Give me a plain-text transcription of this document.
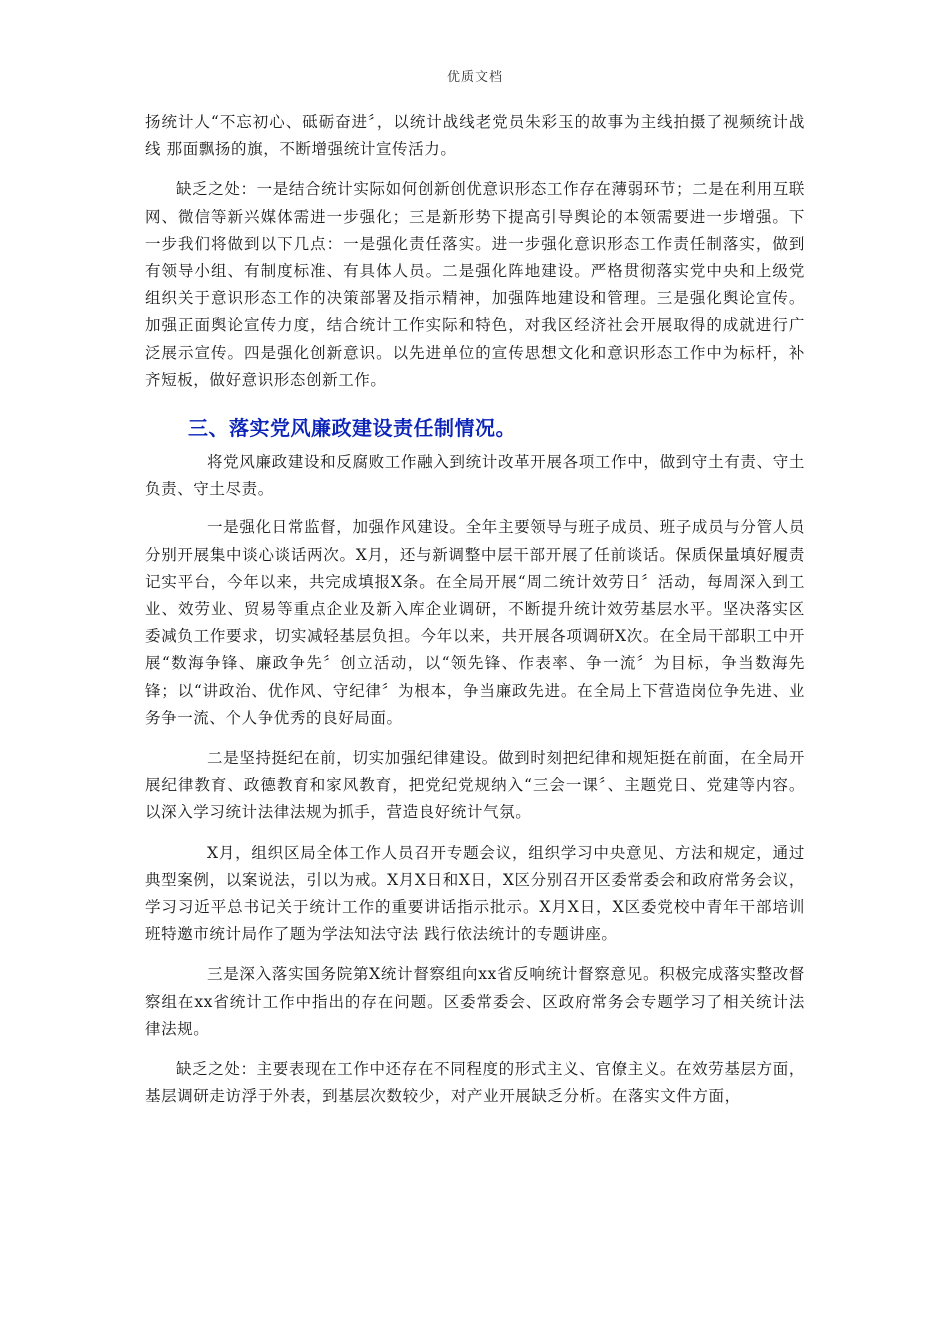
优质文档

扬统计人“不忘初心、砥砺奋进〞，以统计战线老党员朱彩玉的故事为主线拍摄了视频统计战线 那面飘扬的旗，不断增强统计宣传活力。

缺乏之处：一是结合统计实际如何创新创优意识形态工作存在薄弱环节；二是在利用互联网、微信等新兴媒体需进一步强化；三是新形势下提高引导舆论的本领需要进一步增强。下一步我们将做到以下几点：一是强化责任落实。进一步强化意识形态工作责任制落实，做到有领导小组、有制度标准、有具体人员。二是强化阵地建设。严格贯彻落实党中央和上级党组织关于意识形态工作的决策部署及指示精神，加强阵地建设和管理。三是强化舆论宣传。加强正面舆论宣传力度，结合统计工作实际和特色，对我区经济社会开展取得的成就进行广泛展示宣传。四是强化创新意识。以先进单位的宣传思想文化和意识形态工作中为标杆，补齐短板，做好意识形态创新工作。

三、落实党风廉政建设责任制情况。

将党风廉政建设和反腐败工作融入到统计改革开展各项工作中，做到守土有责、守土负责、守土尽责。

一是强化日常监督，加强作风建设。全年主要领导与班子成员、班子成员与分管人员分别开展集中谈心谈话两次。X月，还与新调整中层干部开展了任前谈话。保质保量填好履责记实平台，今年以来，共完成填报X条。在全局开展“周二统计效劳日〞活动，每周深入到工业、效劳业、贸易等重点企业及新入库企业调研，不断提升统计效劳基层水平。坚决落实区委减负工作要求，切实减轻基层负担。今年以来，共开展各项调研X次。在全局干部职工中开展“数海争锋、廉政争先〞创立活动，以“领先锋、作表率、争一流〞为目标，争当数海先锋；以“讲政治、优作风、守纪律〞为根本，争当廉政先进。在全局上下营造岗位争先进、业务争一流、个人争优秀的良好局面。

二是坚持挺纪在前，切实加强纪律建设。做到时刻把纪律和规矩挺在前面，在全局开展纪律教育、政德教育和家风教育，把党纪党规纳入“三会一课〞、主题党日、党建等内容。以深入学习统计法律法规为抓手，营造良好统计气氛。

X月，组织区局全体工作人员召开专题会议，组织学习中央意见、方法和规定，通过典型案例，以案说法，引以为戒。X月X日和X日，X区分别召开区委常委会和政府常务会议，学习习近平总书记关于统计工作的重要讲话指示批示。X月X日，X区委党校中青年干部培训班特邀市统计局作了题为学法知法守法 践行依法统计的专题讲座。

三是深入落实国务院第X统计督察组向xx省反响统计督察意见。积极完成落实整改督察组在xx省统计工作中指出的存在问题。区委常委会、区政府常务会专题学习了相关统计法律法规。

缺乏之处：主要表现在工作中还存在不同程度的形式主义、官僚主义。在效劳基层方面，基层调研走访浮于外表，到基层次数较少，对产业开展缺乏分析。在落实文件方面，
